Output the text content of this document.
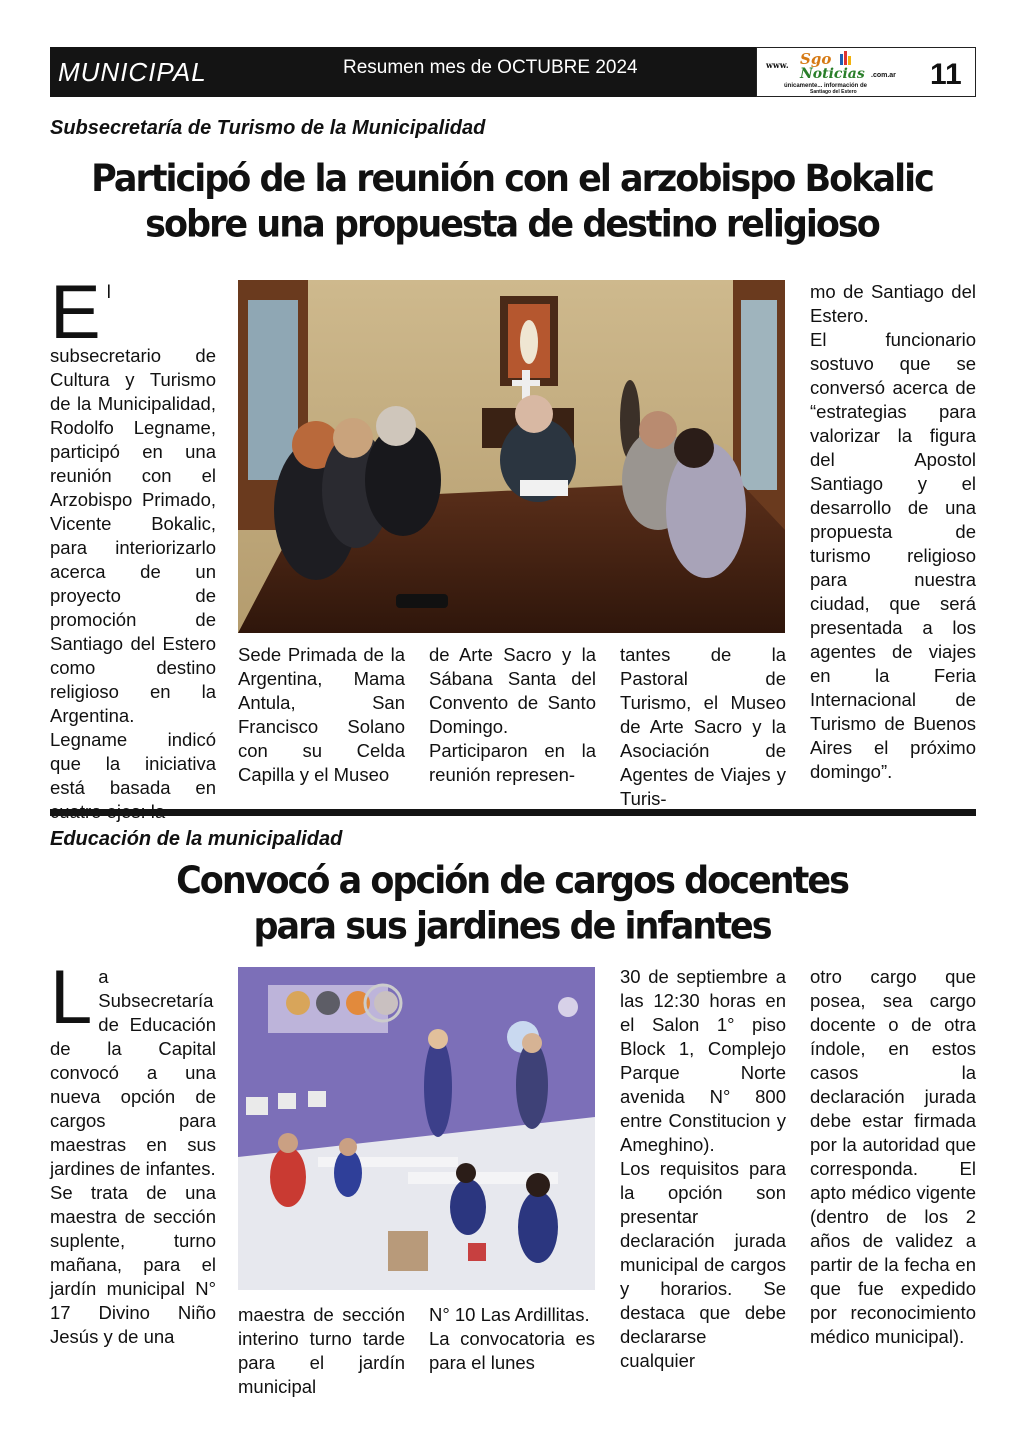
MUNICIPAL	Resumen mes de OCTUBRE 2024	www. Sgo
Noticias .com.ar
únicamente... información de
Santiago del Estero
11
Subsecretaría de Turismo de la Municipalidad
Participó de la reunión con el arzobispo Bokalic
sobre una propuesta de destino religioso
E l subsecretario de Cultura y Turismo de la Municipalidad, Rodolfo Legname, participó en una reunión con el Arzobispo Primado, Vicente Bokalic, para interiorizarlo acerca de un proyecto de promoción de Santiago del Estero como destino religioso en la Argentina.

Legname indicó que la iniciativa está basada en

Sede Primada de la Argentina, Mama Antula, San Francisco Solano con su Celda Capilla y el Museo

de Arte Sacro y la Sábana Santa del Convento de Santo Domingo.

Participaron en la reunión represen-

tantes de la Pastoral de Turismo, el Museo de Arte Sacro y la Asociación de Agentes de Viajes y Turis-

mo de Santiago del Estero.

El funcionario sostuvo que se conversó acerca de “estrategias para valorizar la figura del Apostol Santiago y el desarrollo de una propuesta de turismo religioso para nuestra ciudad, que será presentada a los agentes de viajes en la Feria Internacional de Turismo de Buenos Aires el próximo domingo”.

Educación de la municipalidad
Convocó a opción de cargos docentes
para sus jardines de infantes
L a Subsecretaría de Educación de la Capital convocó a una nueva opción de cargos para maestras en sus jardines de infantes.

Se trata de una maestra de sección suplente, turno mañana, para el jardín municipal N° 17 Divino Niño Jesús y de una

maestra de sección interino turno tarde para el jardín municipal

N° 10 Las Ardillitas.

La convocatoria es para el lunes

30 de septiembre a las 12:30 horas en el Salon 1° piso Block 1, Complejo Parque Norte avenida N° 800 entre Constitucion y Ameghino).

Los requisitos para la opción son presentar declaración jurada municipal de cargos y horarios. Se destaca que debe declararse cualquier

otro cargo que posea, sea cargo docente o de otra índole, en estos casos la declaración jurada debe estar firmada por la autoridad que corresponda. El apto médico vigente (dentro de los 2 años de validez a partir de la fecha en que fue expedido por reconocimiento médico municipal).
